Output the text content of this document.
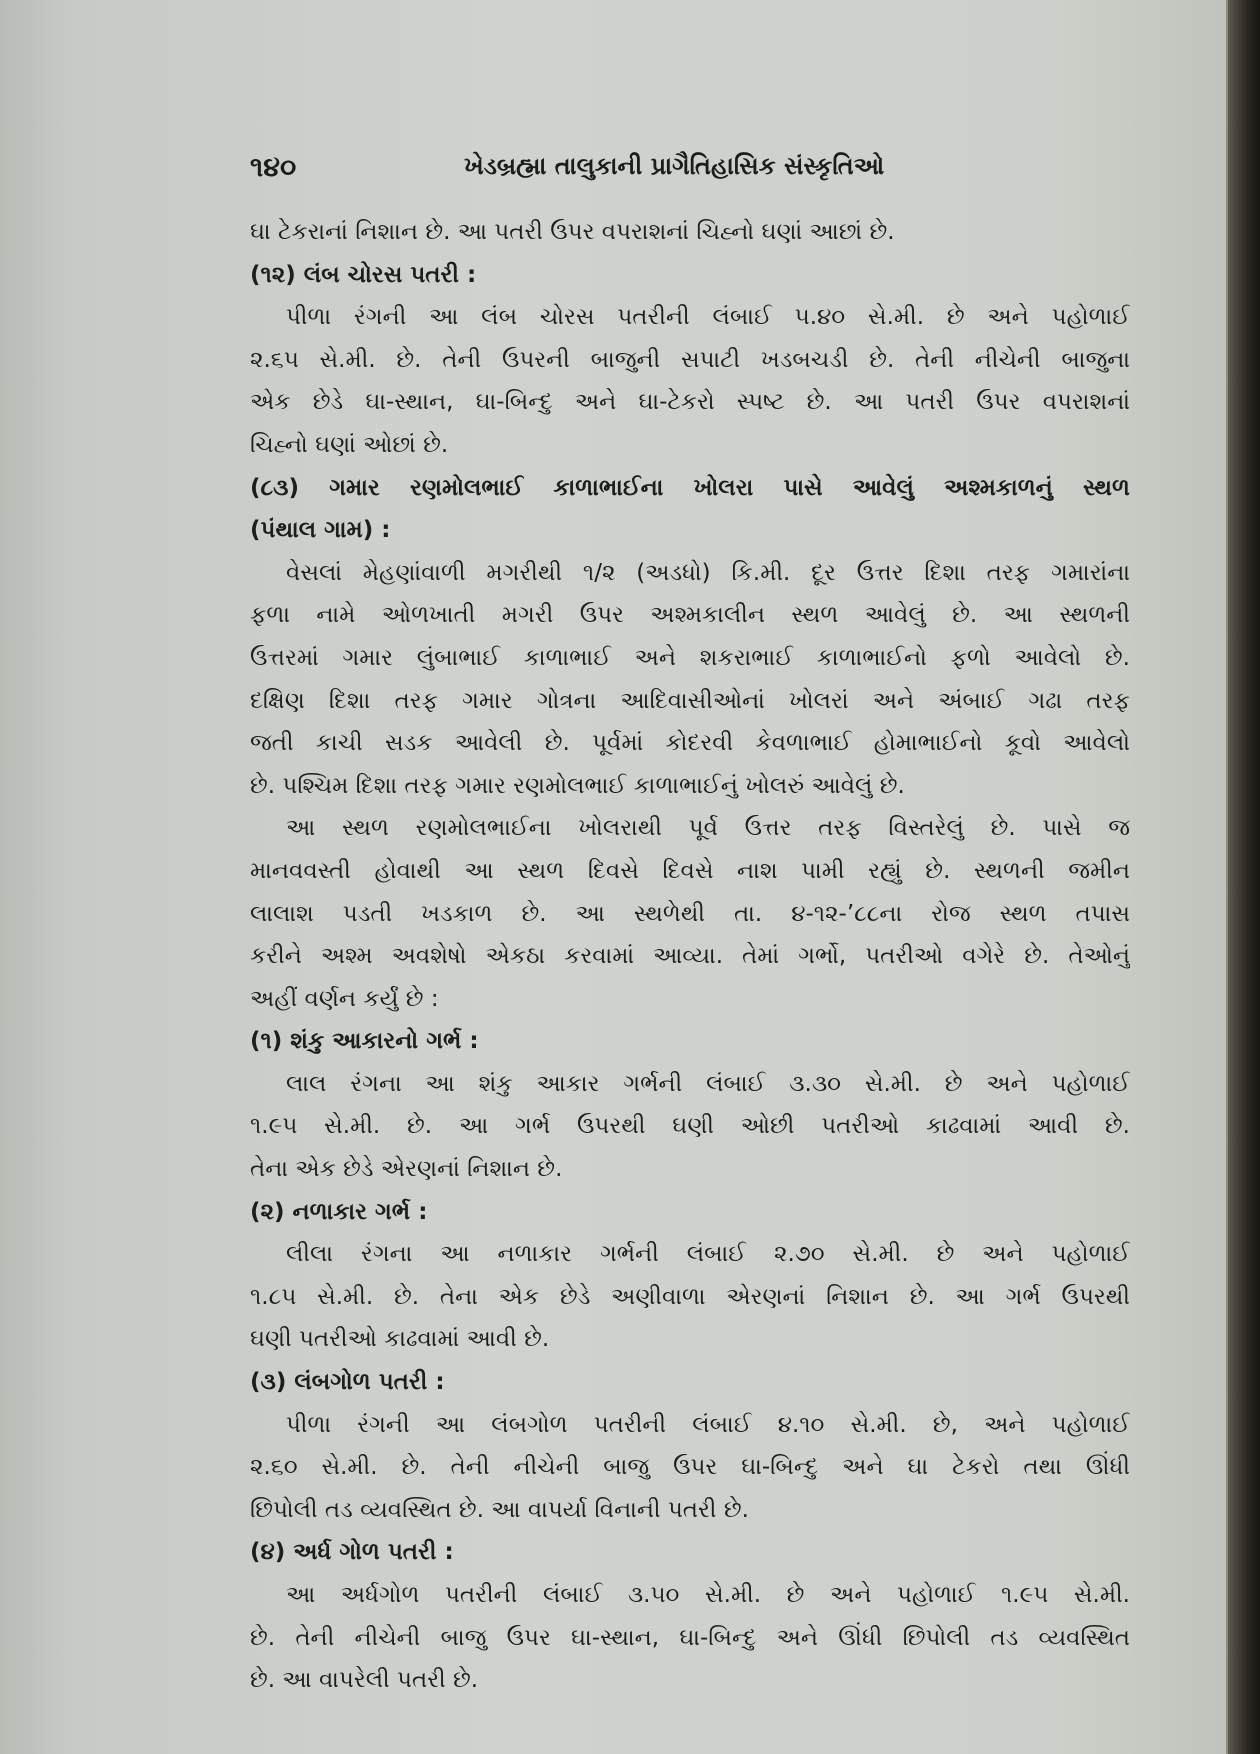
૧૪૦	ખેડબ્રહ્મા તાલુકાની પ્રાગૈતિહાસિક સંસ્કૃતિઓ
ઘા ટેકરાનાં નિશાન છે. આ પતરી ઉપર વપરાશનાં ચિહ્નો ઘણાં આછાં છે.
(૧૨) લંબ ચોરસ પતરી :
પીળા રંગની આ લંબ ચોરસ પતરીની લંબાઈ ૫.૪૦ સે.મી. છે અને પહોળાઈ
૨.૬૫ સે.મી. છે. તેની ઉપરની બાજુની સપાટી ખડબચડી છે. તેની નીચેની બાજુના
એક છેડે ઘા-સ્થાન, ઘા-બિન્દુ અને ઘા-ટેકરો સ્પષ્ટ છે. આ પતરી ઉપર વપરાશનાં
ચિહ્નો ઘણાં ઓછાં છે.
(૮૩) ગમાર રણમોલભાઈ કાળાભાઈના ખોલરા પાસે આવેલું અશ્મકાળનું સ્થળ
(પંથાલ ગામ) :
વેસલાં મેહણાંવાળી મગરીથી ૧/૨ (અડધો) કિ.મી. દૂર ઉત્તર દિશા તરફ ગમારાંના
ફળા નામે ઓળખાતી મગરી ઉપર અશ્મકાલીન સ્થળ આવેલું છે. આ સ્થળની
ઉત્તરમાં ગમાર લુંબાભાઈ કાળાભાઈ અને શકરાભાઈ કાળાભાઈનો ફળો આવેલો છે.
દક્ષિણ દિશા તરફ ગમાર ગોત્રના આદિવાસીઓનાં ખોલરાં અને અંબાઈ ગઢા તરફ
જતી કાચી સડક આવેલી છે. પૂર્વમાં કોદરવી કેવળાભાઈ હોમાભાઈનો કૂવો આવેલો
છે. પશ્ચિમ દિશા તરફ ગમાર રણમોલભાઈ કાળાભાઈનું ખોલરું આવેલું છે.
આ સ્થળ રણમોલભાઈના ખોલરાથી પૂર્વ ઉત્તર તરફ વિસ્તરેલું છે. પાસે જ
માનવવસ્તી હોવાથી આ સ્થળ દિવસે દિવસે નાશ પામી રહ્યું છે. સ્થળની જમીન
લાલાશ પડતી ખડકાળ છે. આ સ્થળેથી તા. ૪-૧૨-’૮૮ના રોજ સ્થળ તપાસ
કરીને અશ્મ અવશેષો એકઠા કરવામાં આવ્યા. તેમાં ગર્ભો, પતરીઓ વગેરે છે. તેઓનું
અહીં વર્ણન કર્યું છે :
(૧) શંકુ આકારનો ગર્ભ :
લાલ રંગના આ શંકુ આકાર ગર્ભની લંબાઈ ૩.૩૦ સે.મી. છે અને પહોળાઈ
૧.૯૫ સે.મી. છે. આ ગર્ભ ઉપરથી ઘણી ઓછી પતરીઓ કાઢવામાં આવી છે.
તેના એક છેડે એરણનાં નિશાન છે.
(૨) નળાકાર ગર્ભ :
લીલા રંગના આ નળાકાર ગર્ભની લંબાઈ ૨.૭૦ સે.મી. છે અને પહોળાઈ
૧.૮૫ સે.મી. છે. તેના એક છેડે અણીવાળા એરણનાં નિશાન છે. આ ગર્ભ ઉપરથી
ઘણી પતરીઓ કાઢવામાં આવી છે.
(૩) લંબગોળ પતરી :
પીળા રંગની આ લંબગોળ પતરીની લંબાઈ ૪.૧૦ સે.મી. છે, અને પહોળાઈ
૨.૬૦ સે.મી. છે. તેની નીચેની બાજુ ઉપર ઘા-બિન્દુ અને ઘા ટેકરો તથા ઊંધી
છિપોલી તડ વ્યવસ્થિત છે. આ વાપર્યા વિનાની પતરી છે.
(૪) અર્ધ ગોળ પતરી :
આ અર્ધગોળ પતરીની લંબાઈ ૩.૫૦ સે.મી. છે અને પહોળાઈ ૧.૯૫ સે.મી.
છે. તેની નીચેની બાજુ ઉપર ઘા-સ્થાન, ઘા-બિન્દુ અને ઊંધી છિપોલી તડ વ્યવસ્થિત
છે. આ વાપરેલી પતરી છે.
